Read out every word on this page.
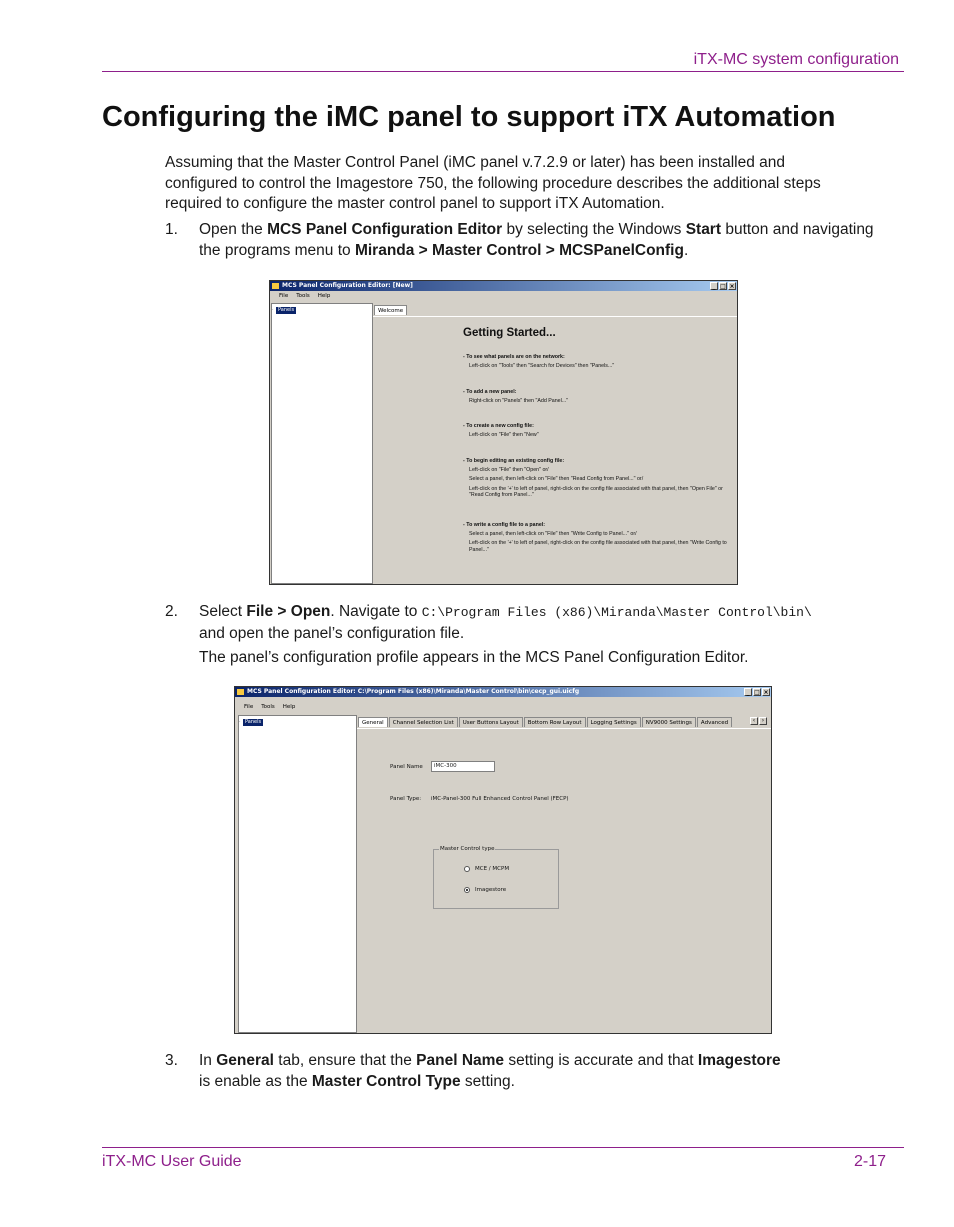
iTX-MC system configuration
Configuring the iMC panel to support iTX Automation

Assuming that the Master Control Panel (iMC panel v.7.2.9 or later) has been installed and configured to control the Imagestore 750, the following procedure describes the additional steps required to configure the master control panel to support iTX Automation.

1. Open the MCS Panel Configuration Editor by selecting the Windows Start button and navigating the programs menu to Miranda > Master Control > MCSPanelConfig.
MCS Panel Configuration Editor: [New]	_ □ ×
File Tools Help
· Panels	Welcome
Getting Started...
- To see what panels are on the network:

Left-click on "Tools" then "Search for Devices" then "Panels..."

- To add a new panel:

Right-click on "Panels" then "Add Panel..."

- To create a new config file:

Left-click on "File" then "New"

- To begin editing an existing config file:

Left-click on "File" then "Open" or/

Select a panel, then left-click on "File" then "Read Config from Panel..." or/

Left-click on the '+' to left of panel, right-click on the config file associated with that panel, then "Open File" or "Read Config from Panel..."

- To write a config file to a panel:

Select a panel, then left-click on "File" then "Write Config to Panel..." or/

Left-click on the '+' to left of panel, right-click on the config file associated with that panel, then "Write Config to Panel..."

2. Select File > Open. Navigate to C:\Program Files (x86)\Miranda\Master Control\bin\
and open the panel’s configuration file.
The panel’s configuration profile appears in the MCS Panel Configuration Editor.
MCS Panel Configuration Editor: C:\Program Files (x86)\Miranda\Master Control\bin\cecp_gui.uicfg	_ □ ×
File Tools Help
· Panels	General	Channel Selection List	User Buttons Layout	Bottom Row Layout	Logging Settings	NV9000 Settings	Advanced	‹	›
Panel Name	iMC-300
Panel Type: iMC-Panel-300 Full Enhanced Control Panel (FECP)
Master Control type
MCE / MCPM
Imagestore
3. In General tab, ensure that the Panel Name setting is accurate and that Imagestore
is enable as the Master Control Type setting.
iTX-MC User Guide	2-17
